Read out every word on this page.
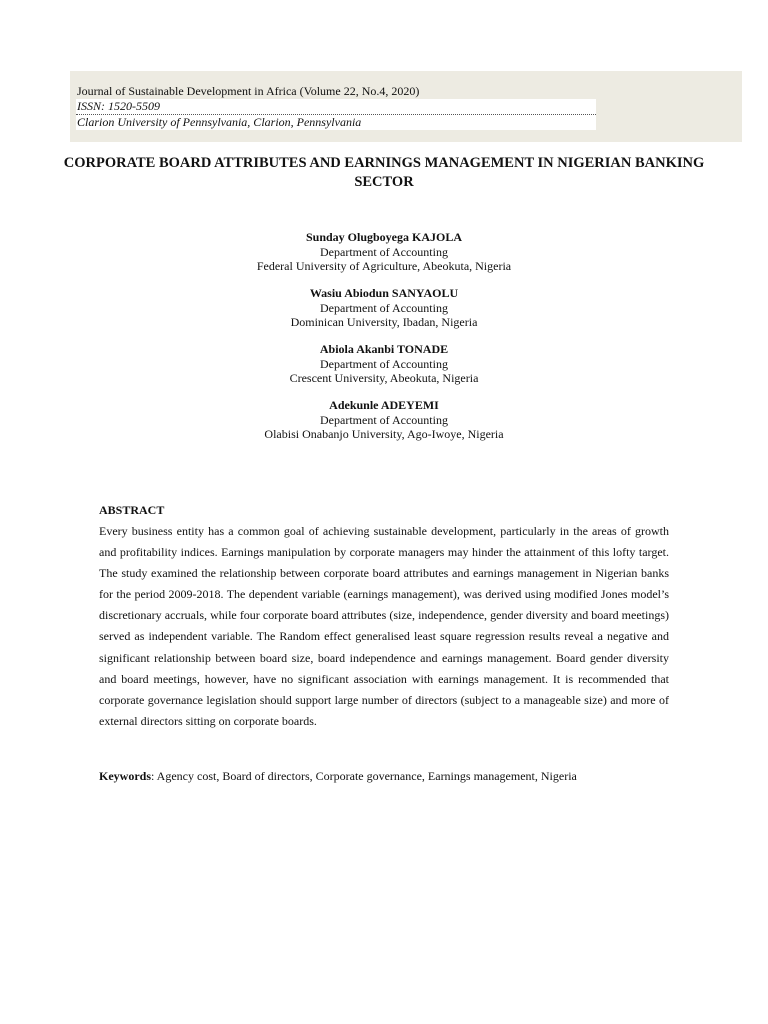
Journal of Sustainable Development in Africa (Volume 22, No.4, 2020)
ISSN: 1520-5509
Clarion University of Pennsylvania, Clarion, Pennsylvania
CORPORATE BOARD ATTRIBUTES AND EARNINGS MANAGEMENT IN NIGERIAN BANKING SECTOR
Sunday Olugboyega KAJOLA
Department of Accounting
Federal University of Agriculture, Abeokuta, Nigeria
Wasiu Abiodun SANYAOLU
Department of Accounting
Dominican University, Ibadan, Nigeria
Abiola Akanbi TONADE
Department of Accounting
Crescent University, Abeokuta, Nigeria
Adekunle ADEYEMI
Department of Accounting
Olabisi Onabanjo University, Ago-Iwoye, Nigeria
ABSTRACT
Every business entity has a common goal of achieving sustainable development, particularly in the areas of growth and profitability indices. Earnings manipulation by corporate managers may hinder the attainment of this lofty target. The study examined the relationship between corporate board attributes and earnings management in Nigerian banks for the period 2009-2018. The dependent variable (earnings management), was derived using modified Jones model’s discretionary accruals, while four corporate board attributes (size, independence, gender diversity and board meetings) served as independent variable. The Random effect generalised least square regression results reveal a negative and significant relationship between board size, board independence and earnings management. Board gender diversity and board meetings, however, have no significant association with earnings management. It is recommended that corporate governance legislation should support large number of directors (subject to a manageable size) and more of external directors sitting on corporate boards.
Keywords: Agency cost, Board of directors, Corporate governance, Earnings management, Nigeria
